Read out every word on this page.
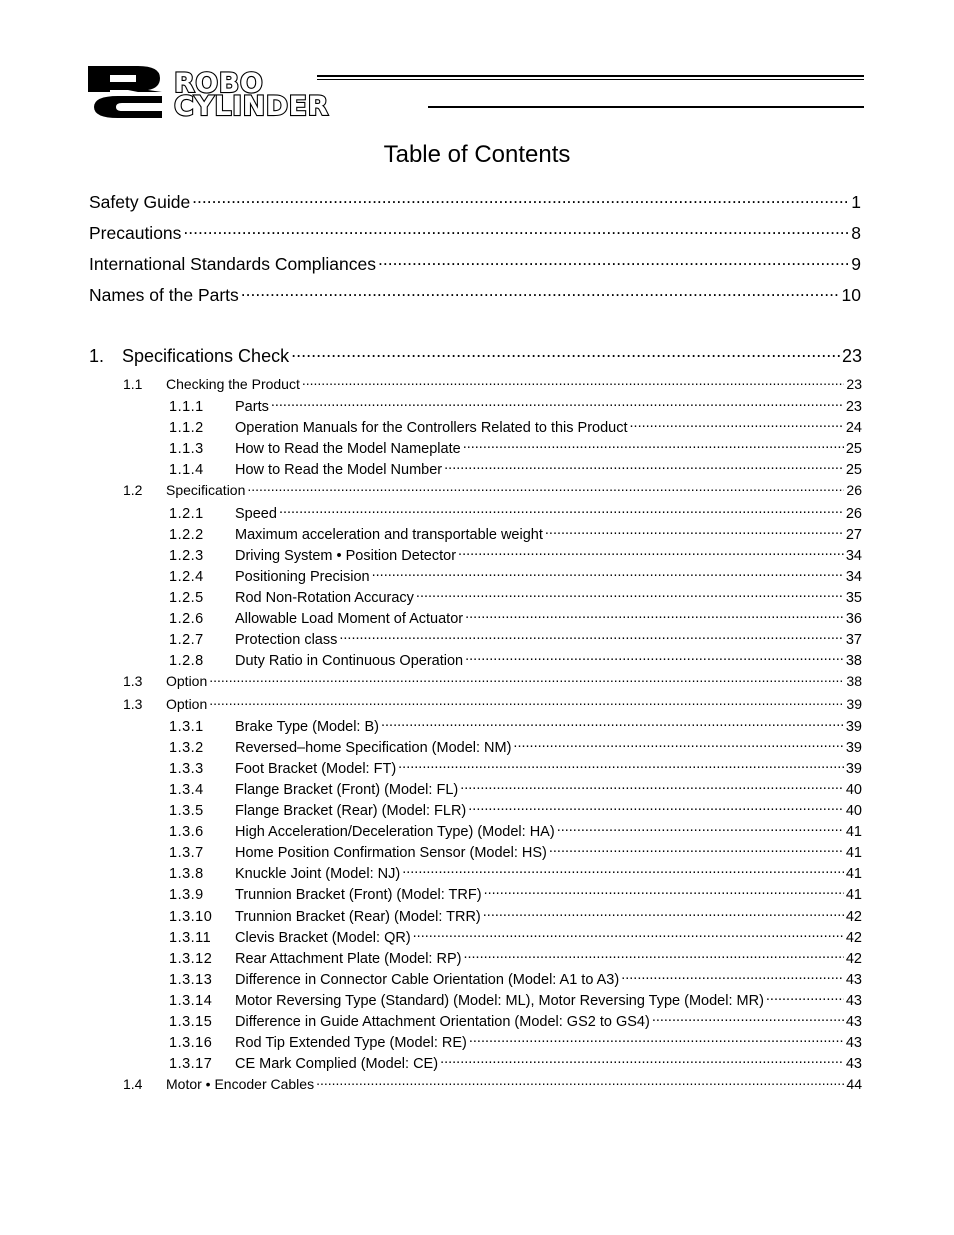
ROBO
CYLINDER
Table of Contents
Safety Guide .....	1
Precautions .....	8
International Standards Compliances .....	9
Names of the Parts .....	10
1. Specifications Check .....	23
1.1	Checking the Product .....	23
1.1.1	Parts .....	23
1.1.2	Operation Manuals for the Controllers Related to this Product .....	24
1.1.3	How to Read the Model Nameplate .....	25
1.1.4	How to Read the Model Number .....	25
1.2	Specification .....	26
1.2.1	Speed .....	26
1.2.2	Maximum acceleration and transportable weight .....	27
1.2.3	Driving System • Position Detector .....	34
1.2.4	Positioning Precision .....	34
1.2.5	Rod Non-Rotation Accuracy .....	35
1.2.6	Allowable Load Moment of Actuator .....	36
1.2.7	Protection class .....	37
1.2.8	Duty Ratio in Continuous Operation .....	38
1.3	Option .....	38
1.3	Option .....	39
1.3.1	Brake Type (Model: B) .....	39
1.3.2	Reversed–home Specification (Model: NM) .....	39
1.3.3	Foot Bracket (Model: FT) .....	39
1.3.4	Flange Bracket (Front) (Model: FL) .....	40
1.3.5	Flange Bracket (Rear) (Model: FLR) .....	40
1.3.6	High Acceleration/Deceleration Type) (Model: HA) .....	41
1.3.7	Home Position Confirmation Sensor (Model: HS) .....	41
1.3.8	Knuckle Joint (Model: NJ) .....	41
1.3.9	Trunnion Bracket (Front) (Model: TRF) .....	41
1.3.10	Trunnion Bracket (Rear) (Model: TRR) .....	42
1.3.11	Clevis Bracket (Model: QR) .....	42
1.3.12	Rear Attachment Plate (Model: RP) .....	42
1.3.13	Difference in Connector Cable Orientation (Model: A1 to A3) .....	43
1.3.14	Motor Reversing Type (Standard) (Model: ML), Motor Reversing Type (Model: MR) .....	43
1.3.15	Difference in Guide Attachment Orientation (Model: GS2 to GS4) .....	43
1.3.16	Rod Tip Extended Type (Model: RE) .....	43
1.3.17	CE Mark Complied (Model: CE) .....	43
1.4	Motor • Encoder Cables .....	44
